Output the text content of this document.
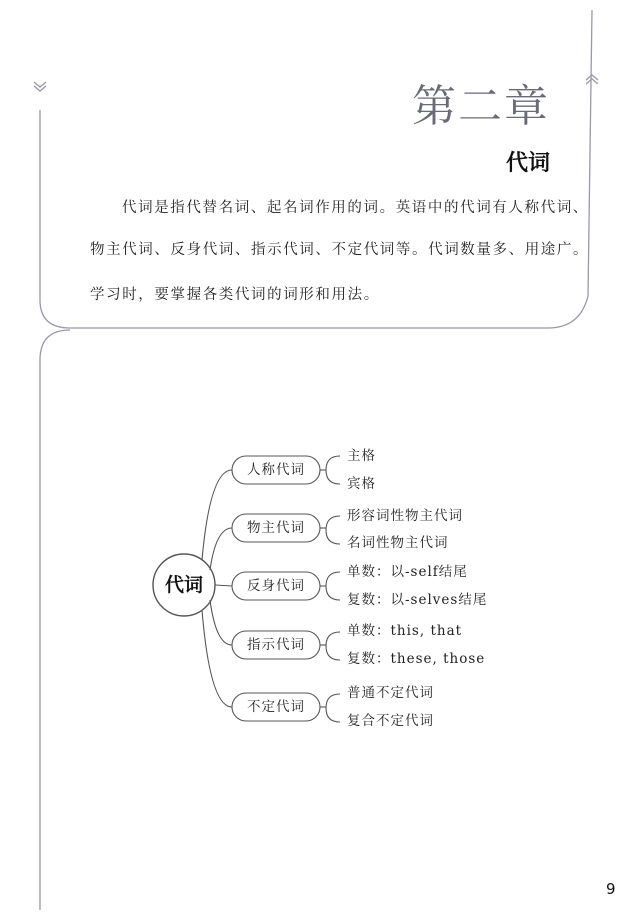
第二章
代词
代词是指代替名词、起名词作用的词。英语中的代词有人称代词、
物主代词、反身代词、指示代词、不定代词等。代词数量多、用途广。
学习时，要掌握各类代词的词形和用法。
代词
人称代词
物主代词
反身代词
指示代词
不定代词
主格
宾格
形容词性物主代词
名词性物主代词
单数：以-self结尾
复数：以-selves结尾
单数：this, that
复数：these, those
普通不定代词
复合不定代词
9
